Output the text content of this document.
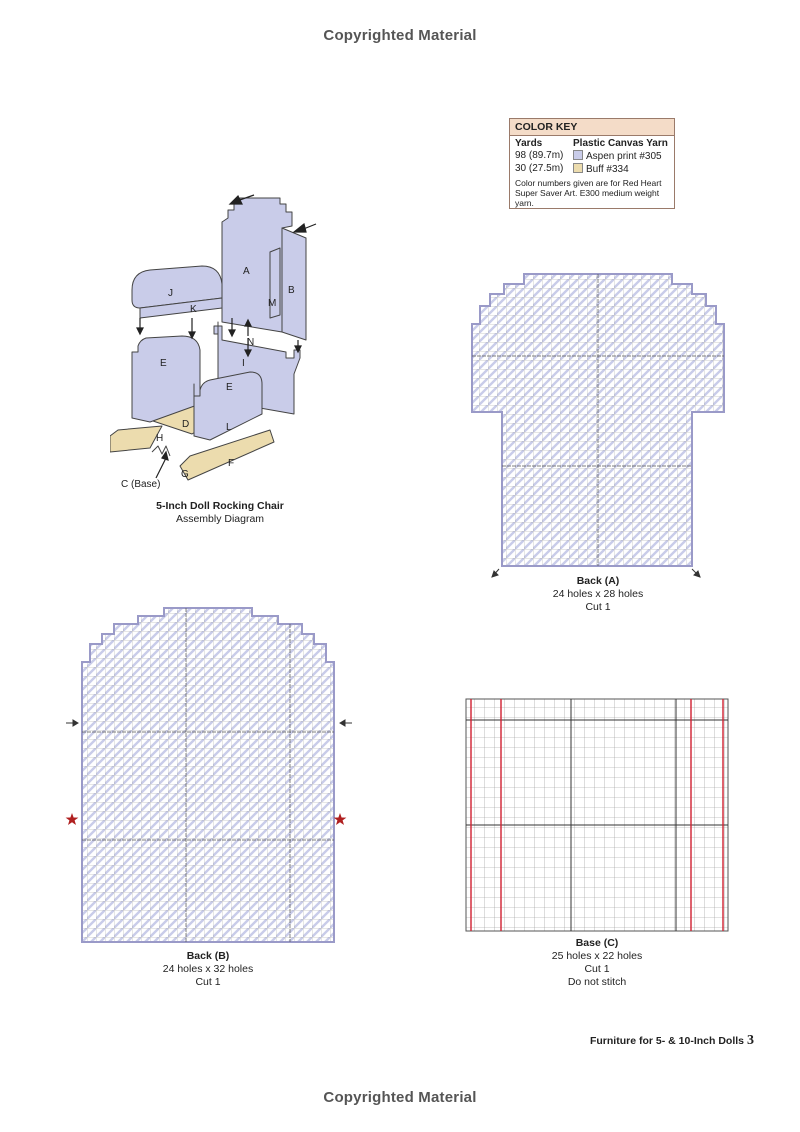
Copyrighted Material
COLOR KEY
Yards	Plastic Canvas Yarn
98 (89.7m)	Aspen print #305
30 (27.5m)	Buff #334
Color numbers given are for Red Heart Super Saver Art. E300 medium weight yarn.
A
B
J
K
M
N
E
E
I
D	L
H
F
G
C (Base)
5-Inch Doll Rocking Chair
Assembly Diagram
Back (A)
24 holes x 28 holes
Cut 1
Back (B)
24 holes x 32 holes
Cut 1
Base (C)
25 holes x 22 holes
Cut 1
Do not stitch
Furniture for 5- & 10-Inch Dolls 3
Copyrighted Material
